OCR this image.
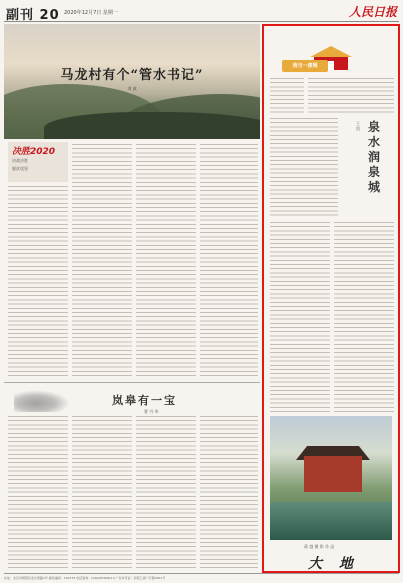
副刊 20 2020年12月7日 星期一	人民日报
马龙村有个“管水书记”
刘 波
决胜2020
决战决胜
脱贫攻坚
岚皋有一宝
曹 丹 华
我与一座城
王 凯 泉水润泉城
蒋 越 摄 影 作 品
大 地
社址：北京市朝阳区金台西路2号 邮政编码：100733 电话查询：(010)65368114 广告许可证：京朝工商广字第0001号
